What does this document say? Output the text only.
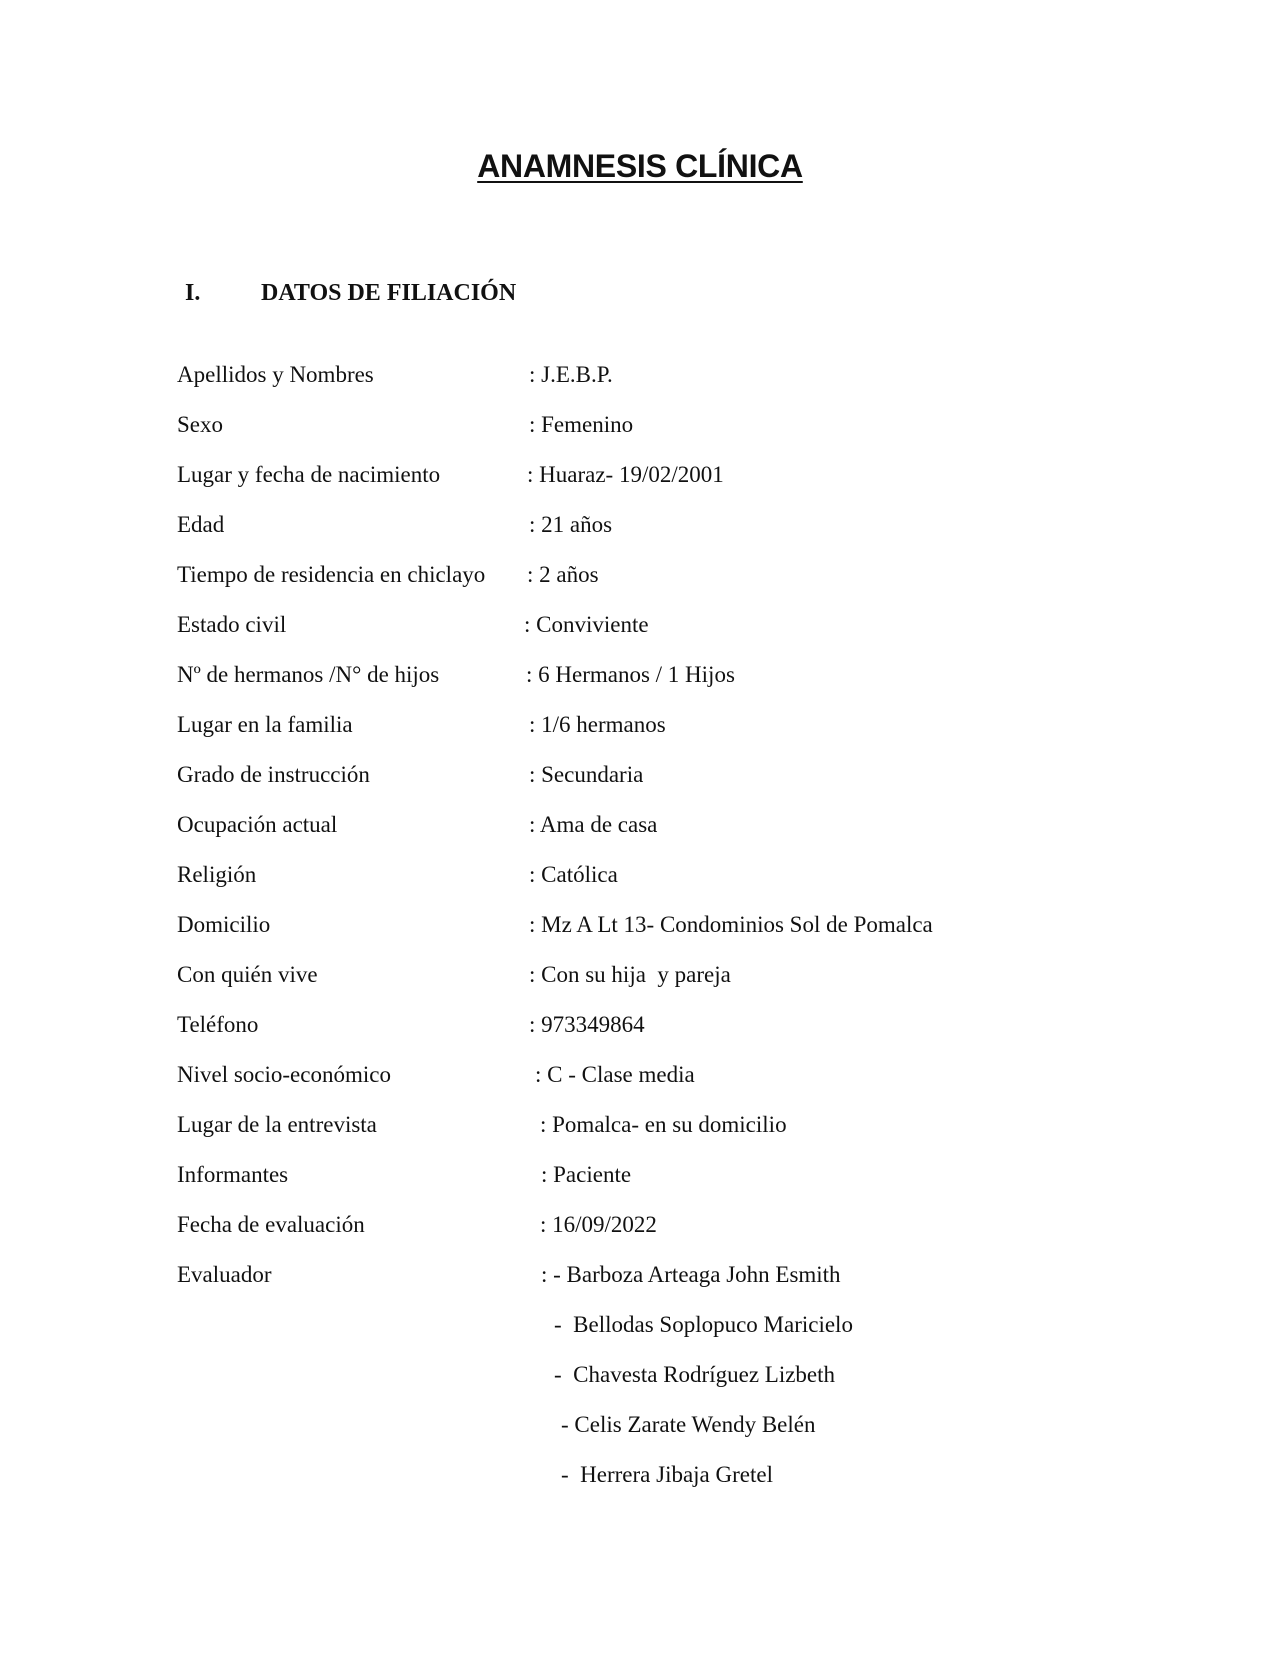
ANAMNESIS CLÍNICA
I.	DATOS DE FILIACIÓN
Apellidos y Nombres	: J.E.B.P.
Sexo	: Femenino
Lugar y fecha de nacimiento	: Huaraz- 19/02/2001
Edad	: 21 años
Tiempo de residencia en chiclayo : 2 años
Estado civil	: Conviviente
Nº de hermanos /N° de hijos	: 6 Hermanos / 1 Hijos
Lugar en la familia	: 1/6 hermanos
Grado de instrucción	: Secundaria
Ocupación actual	: Ama de casa
Religión	: Católica
Domicilio	: Mz A Lt 13- Condominios Sol de Pomalca
Con quién vive	: Con su hija  y pareja
Teléfono	: 973349864
Nivel socio-económico	: C - Clase media
Lugar de la entrevista	: Pomalca- en su domicilio
Informantes	: Paciente
Fecha de evaluación	: 16/09/2022
Evaluador	: - Barboza Arteaga John Esmith
-  Bellodas Soplopuco Maricielo
-  Chavesta Rodríguez Lizbeth
- Celis Zarate Wendy Belén
-  Herrera Jibaja Gretel
